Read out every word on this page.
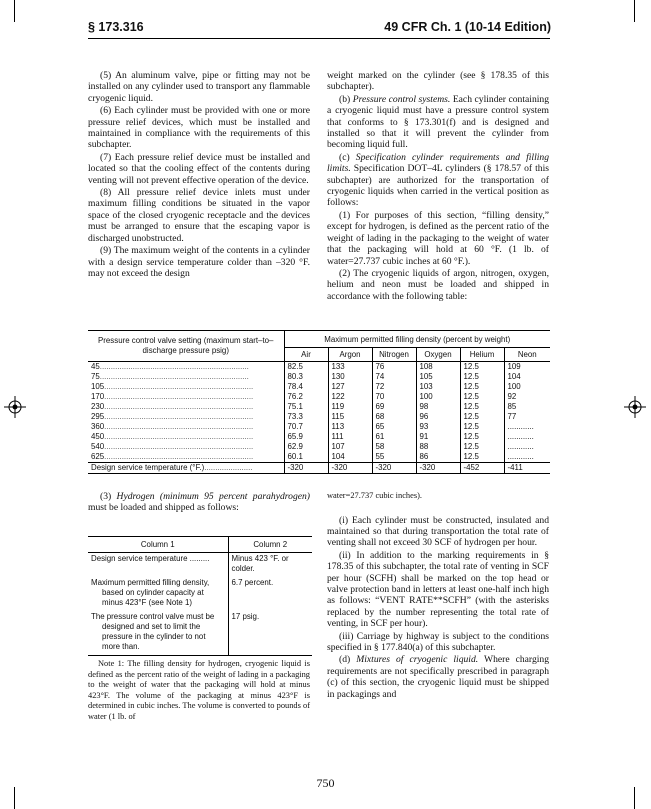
§ 173.316	49 CFR Ch. 1 (10-14 Edition)

(5) An aluminum valve, pipe or fitting may not be installed on any cylinder used to transport any flammable cryogenic liquid.

(6) Each cylinder must be provided with one or more pressure relief devices, which must be installed and maintained in compliance with the requirements of this subchapter.

(7) Each pressure relief device must be installed and located so that the cooling effect of the contents during venting will not prevent effective operation of the device.

(8) All pressure relief device inlets must under maximum filling conditions be situated in the vapor space of the closed cryogenic receptacle and the devices must be arranged to ensure that the escaping vapor is discharged unobstructed.

(9) The maximum weight of the contents in a cylinder with a design service temperature colder than –320 °F. may not exceed the design

weight marked on the cylinder (see § 178.35 of this subchapter).

(b) Pressure control systems. Each cylinder containing a cryogenic liquid must have a pressure control system that conforms to § 173.301(f) and is designed and installed so that it will prevent the cylinder from becoming liquid full.

(c) Specification cylinder requirements and filling limits. Specification DOT–4L cylinders (§ 178.57 of this subchapter) are authorized for the transportation of cryogenic liquids when carried in the vertical position as follows:

(1) For purposes of this section, “filling density,” except for hydrogen, is defined as the percent ratio of the weight of lading in the packaging to the weight of water that the packaging will hold at 60 °F. (1 lb. of water=27.737 cubic inches at 60 °F.).

(2) The cryogenic liquids of argon, nitrogen, oxygen, helium and neon must be loaded and shipped in accordance with the following table:

Pressure control valve setting (maximum start–to–discharge pressure psig)	Maximum permitted filling density (percent by weight)					
	Air	Argon	Nitrogen	Oxygen	Helium	Neon
45....................................................................	82.5	133	76	108	12.5	109
75....................................................................	80.3	130	74	105	12.5	104
105....................................................................	78.4	127	72	103	12.5	100
170....................................................................	76.2	122	70	100	12.5	92
230....................................................................	75.1	119	69	98	12.5	85
295....................................................................	73.3	115	68	96	12.5	77
360....................................................................	70.7	113	65	93	12.5	............
450....................................................................	65.9	111	61	91	12.5	............
540....................................................................	62.9	107	58	88	12.5	............
625....................................................................	60.1	104	55	86	12.5	............
Design service temperature (°F.)......................	-320	-320	-320	-320	-452	-411

(3) Hydrogen (minimum 95 percent parahydrogen) must be loaded and shipped as follows:

Column 1	Column 2
Design service temperature .........	Minus 423 °F. or colder.
Maximum permitted filling density, based on cylinder capacity at minus 423°F (see Note 1)	6.7 percent.
The pressure control valve must be designed and set to limit the pressure in the cylinder to not more than.	17 psig.

Note 1: The filling density for hydrogen, cryogenic liquid is defined as the percent ratio of the weight of lading in a packaging to the weight of water that the packaging will hold at minus 423°F. The volume of the packaging at minus 423°F is determined in cubic inches. The volume is converted to pounds of water (1 lb. of

water=27.737 cubic inches).

(i) Each cylinder must be constructed, insulated and maintained so that during transportation the total rate of venting shall not exceed 30 SCF of hydrogen per hour.

(ii) In addition to the marking requirements in § 178.35 of this subchapter, the total rate of venting in SCF per hour (SCFH) shall be marked on the top head or valve protection band in letters at least one-half inch high as follows: “VENT RATE**SCFH” (with the asterisks replaced by the number representing the total rate of venting, in SCF per hour).

(iii) Carriage by highway is subject to the conditions specified in § 177.840(a) of this subchapter.

(d) Mixtures of cryogenic liquid. Where charging requirements are not specifically prescribed in paragraph (c) of this section, the cryogenic liquid must be shipped in packagings and

750
